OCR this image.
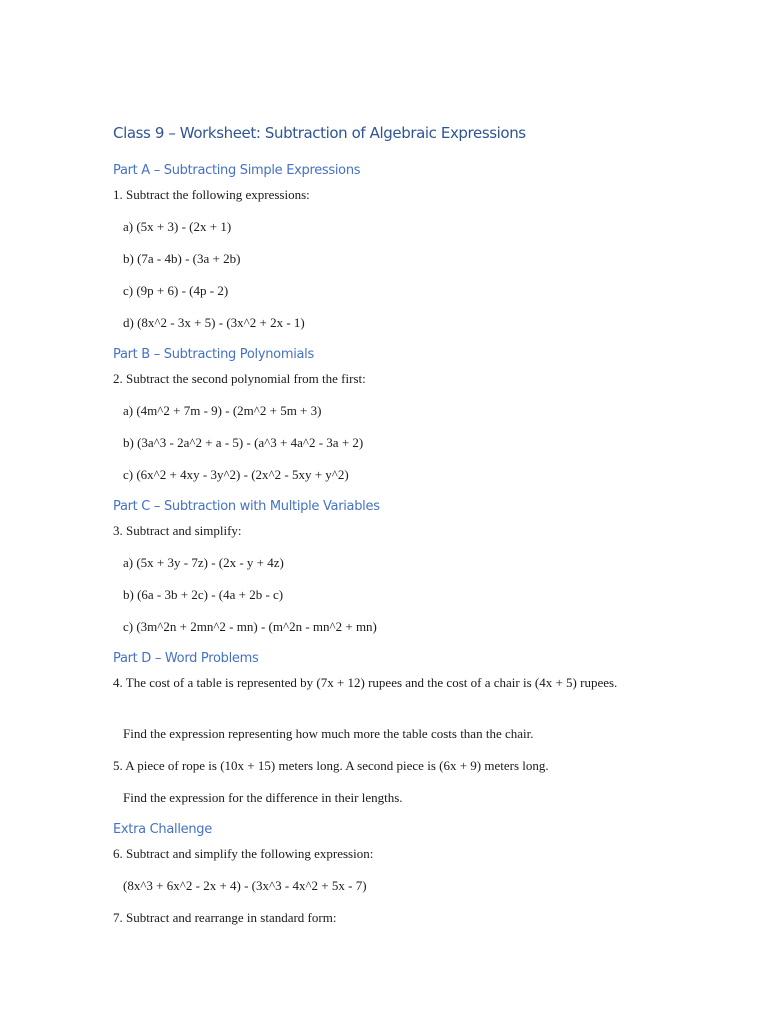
Class 9 – Worksheet: Subtraction of Algebraic Expressions
Part A – Subtracting Simple Expressions

1. Subtract the following expressions:

a) (5x + 3) - (2x + 1)

b) (7a - 4b) - (3a + 2b)

c) (9p + 6) - (4p - 2)

d) (8x^2 - 3x + 5) - (3x^2 + 2x - 1)

Part B – Subtracting Polynomials

2. Subtract the second polynomial from the first:

a) (4m^2 + 7m - 9) - (2m^2 + 5m + 3)

b) (3a^3 - 2a^2 + a - 5) - (a^3 + 4a^2 - 3a + 2)

c) (6x^2 + 4xy - 3y^2) - (2x^2 - 5xy + y^2)

Part C – Subtraction with Multiple Variables

3. Subtract and simplify:

a) (5x + 3y - 7z) - (2x - y + 4z)

b) (6a - 3b + 2c) - (4a + 2b - c)

c) (3m^2n + 2mn^2 - mn) - (m^2n - mn^2 + mn)

Part D – Word Problems

4. The cost of a table is represented by (7x + 12) rupees and the cost of a chair is (4x + 5) rupees.

Find the expression representing how much more the table costs than the chair.

5. A piece of rope is (10x + 15) meters long. A second piece is (6x + 9) meters long.

Find the expression for the difference in their lengths.

Extra Challenge

6. Subtract and simplify the following expression:

(8x^3 + 6x^2 - 2x + 4) - (3x^3 - 4x^2 + 5x - 7)

7. Subtract and rearrange in standard form:
